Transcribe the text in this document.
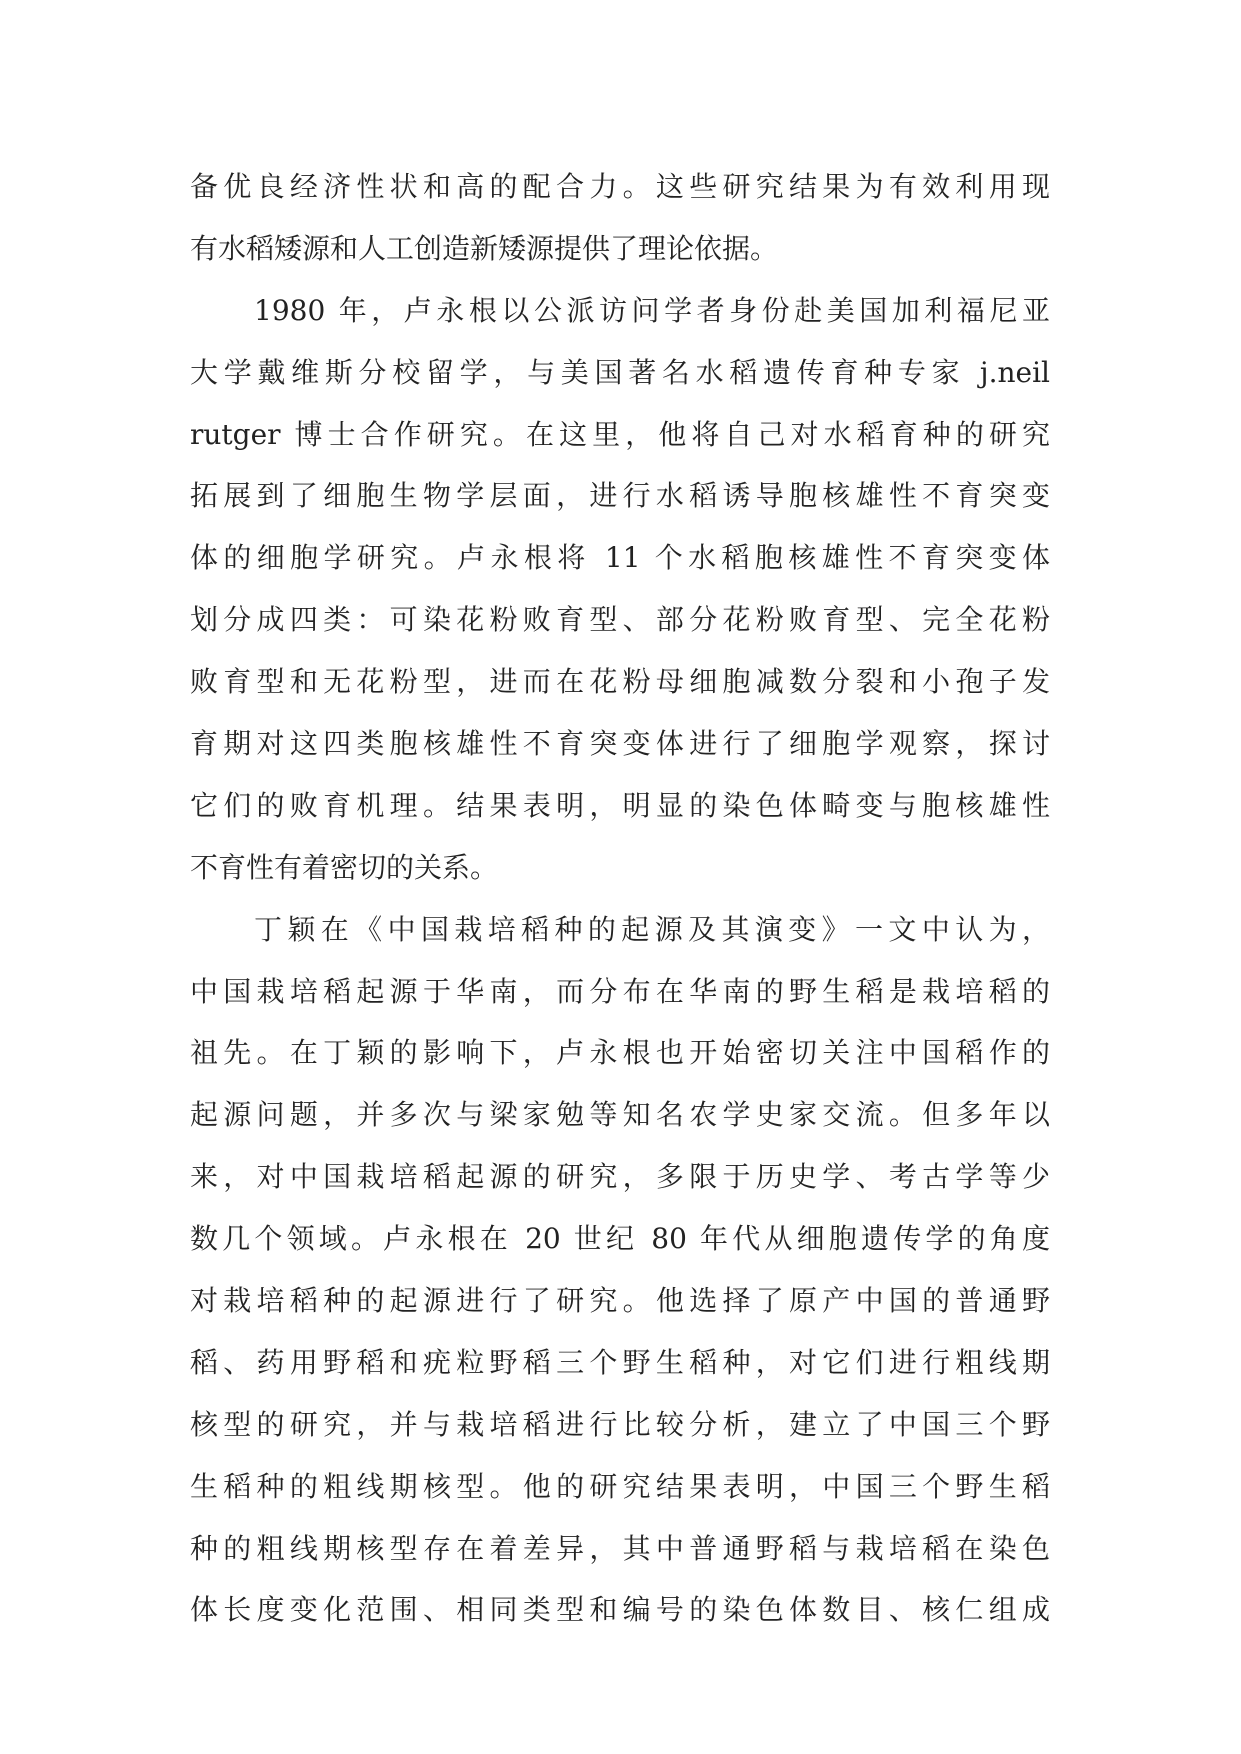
备优良经济性状和高的配合力。这些研究结果为有效利用现
有水稻矮源和人工创造新矮源提供了理论依据。
1980 年，卢永根以公派访问学者身份赴美国加利福尼亚
大学戴维斯分校留学，与美国著名水稻遗传育种专家 j.neil
rutger 博士合作研究。在这里，他将自己对水稻育种的研究
拓展到了细胞生物学层面，进行水稻诱导胞核雄性不育突变
体的细胞学研究。卢永根将 11 个水稻胞核雄性不育突变体
划分成四类：可染花粉败育型、部分花粉败育型、完全花粉
败育型和无花粉型，进而在花粉母细胞减数分裂和小孢子发
育期对这四类胞核雄性不育突变体进行了细胞学观察，探讨
它们的败育机理。结果表明，明显的染色体畸变与胞核雄性
不育性有着密切的关系。
丁颖在《中国栽培稻种的起源及其演变》一文中认为，
中国栽培稻起源于华南，而分布在华南的野生稻是栽培稻的
祖先。在丁颖的影响下，卢永根也开始密切关注中国稻作的
起源问题，并多次与梁家勉等知名农学史家交流。但多年以
来，对中国栽培稻起源的研究，多限于历史学、考古学等少
数几个领域。卢永根在 20 世纪 80 年代从细胞遗传学的角度
对栽培稻种的起源进行了研究。他选择了原产中国的普通野
稻、药用野稻和疣粒野稻三个野生稻种，对它们进行粗线期
核型的研究，并与栽培稻进行比较分析，建立了中国三个野
生稻种的粗线期核型。他的研究结果表明，中国三个野生稻
种的粗线期核型存在着差异，其中普通野稻与栽培稻在染色
体长度变化范围、相同类型和编号的染色体数目、核仁组成
